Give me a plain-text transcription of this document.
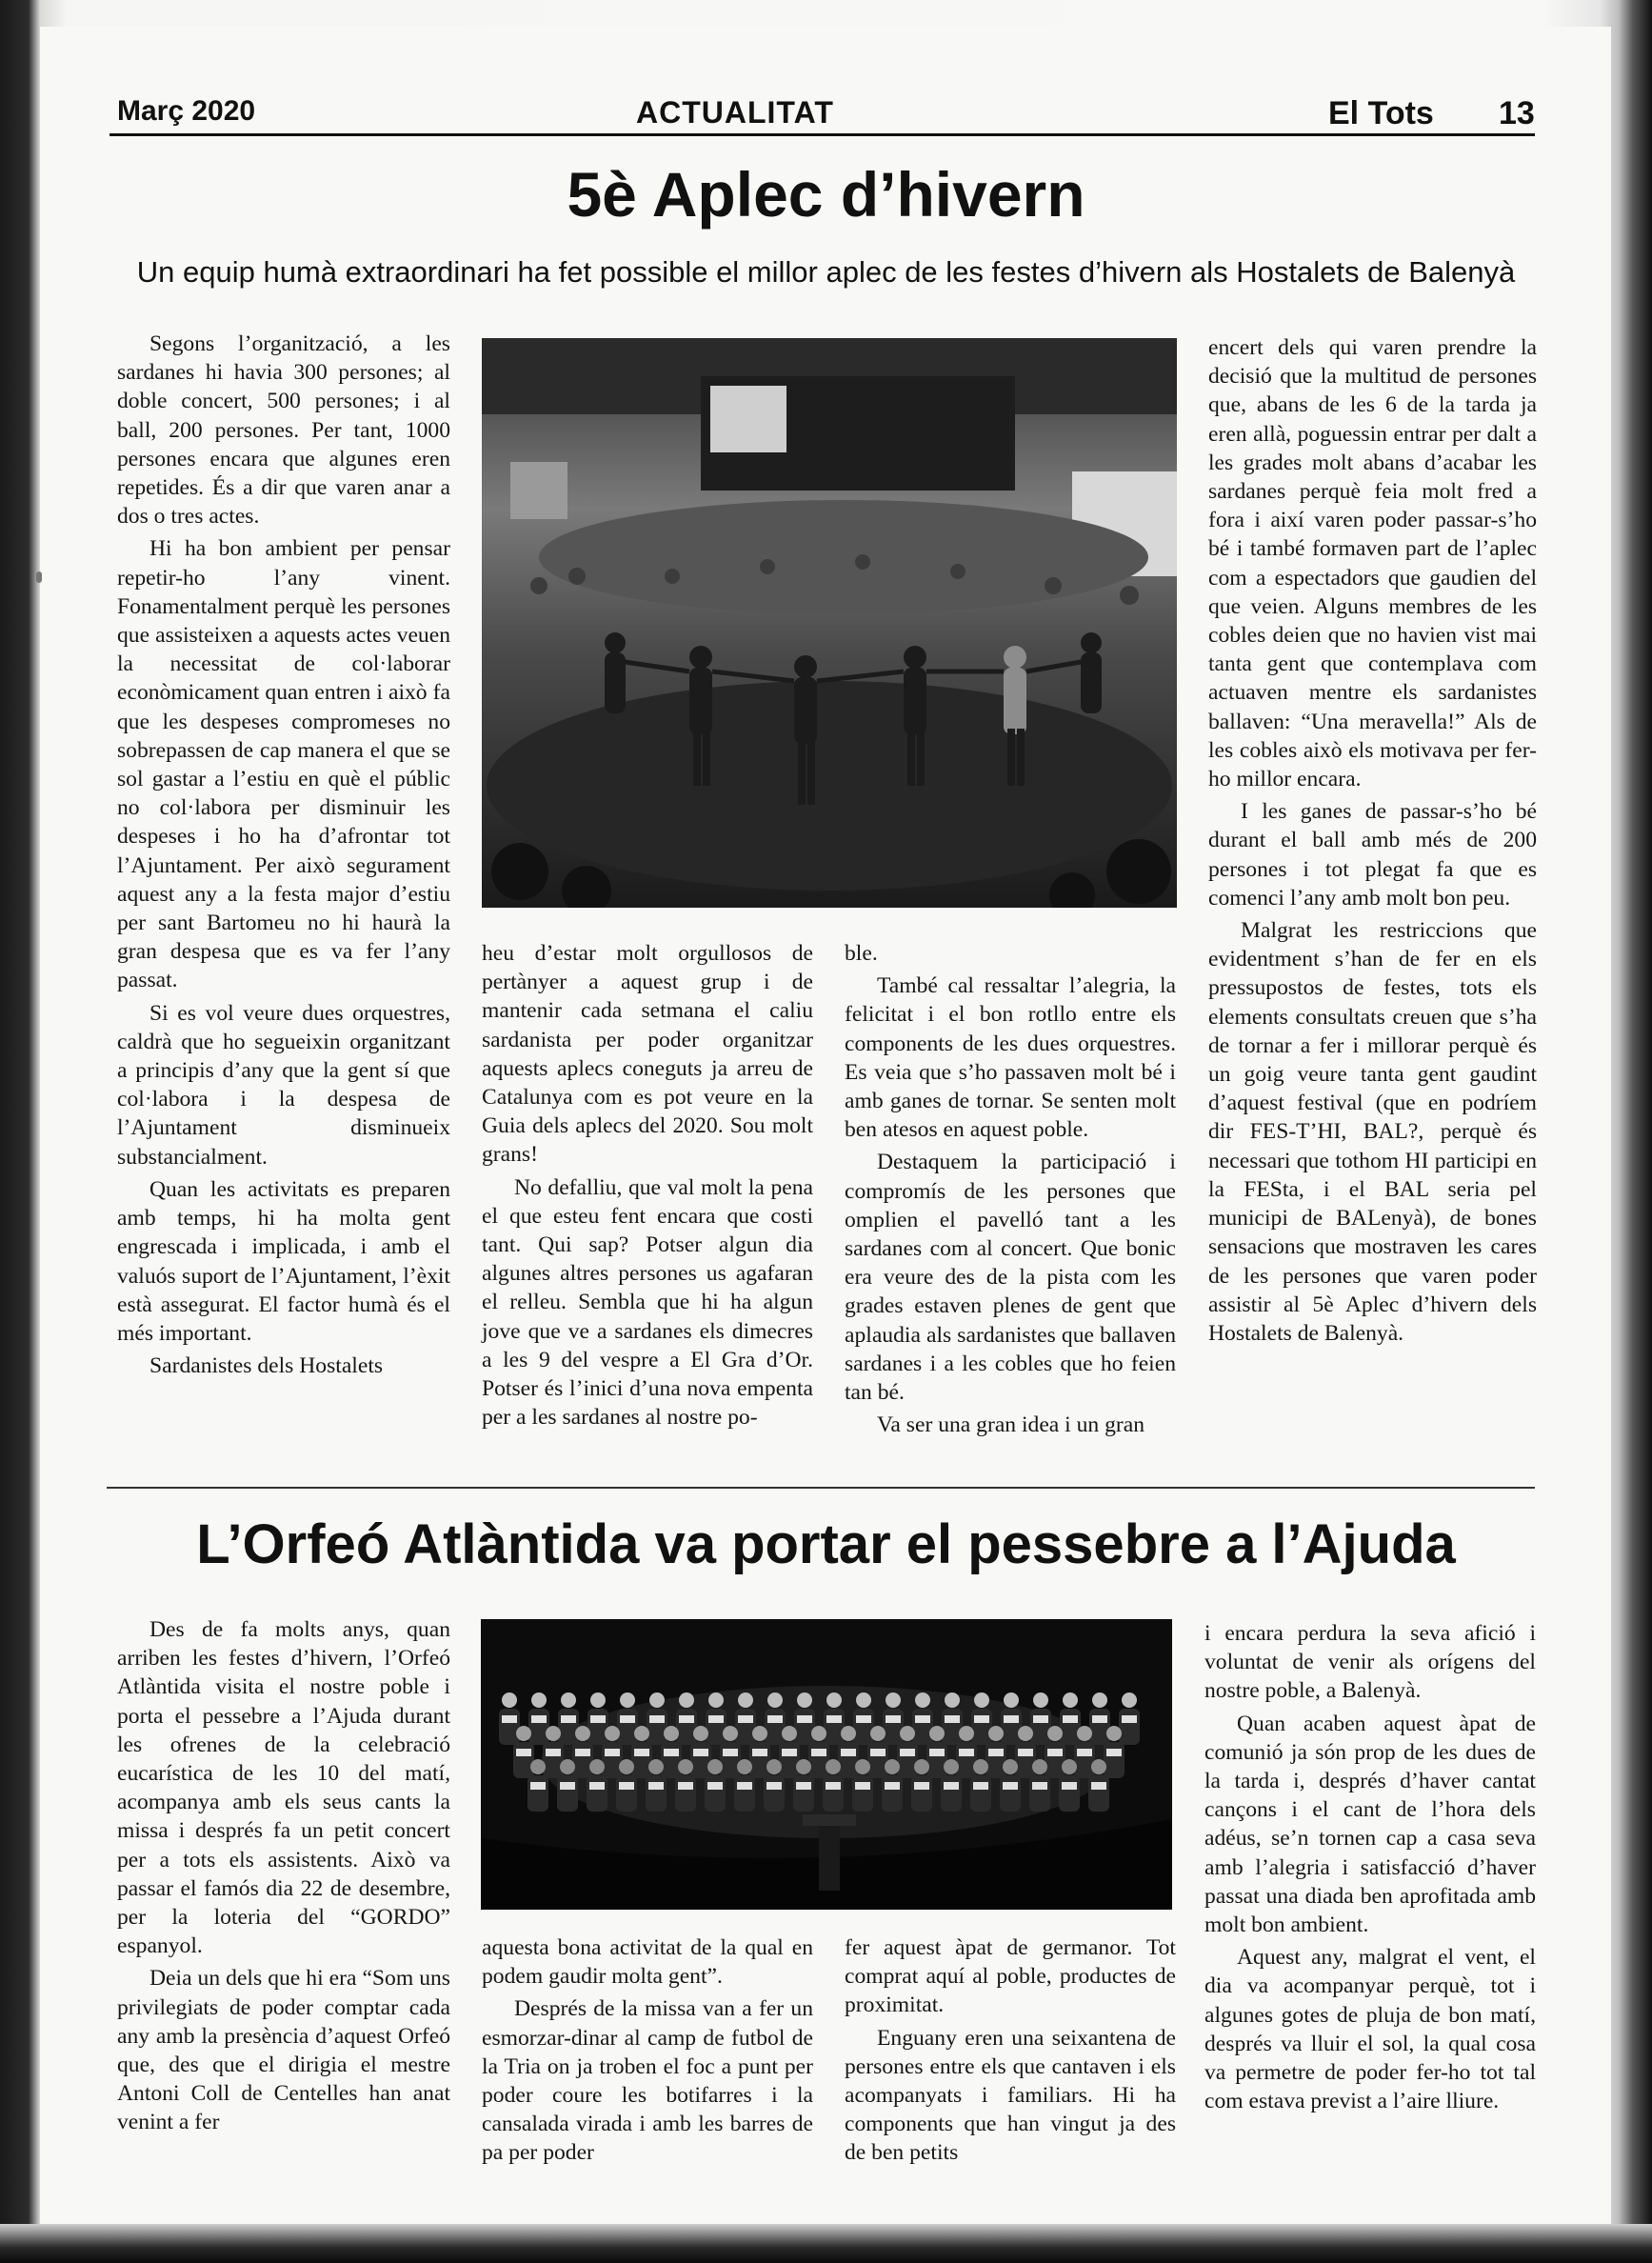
Març 2020	ACTUALITAT	El Tots 13
5è Aplec d’hivern
Un equip humà extraordinari ha fet possible el millor aplec de les festes d’hivern als Hostalets de Balenyà

Segons l’organització, a les sardanes hi havia 300 persones; al doble concert, 500 persones; i al ball, 200 persones. Per tant, 1000 persones encara que algunes eren repetides. És a dir que varen anar a dos o tres actes.

Hi ha bon ambient per pensar repetir-ho l’any vinent. Fonamentalment perquè les persones que assisteixen a aquests actes veuen la necessitat de col·laborar econòmicament quan entren i això fa que les despeses compromeses no sobrepassen de cap manera el que se sol gastar a l’estiu en què el públic no col·labora per disminuir les despeses i ho ha d’afrontar tot l’Ajuntament. Per això segurament aquest any a la festa major d’estiu per sant Bartomeu no hi haurà la gran despesa que es va fer l’any passat.

Si es vol veure dues orquestres, caldrà que ho segueixin organitzant a principis d’any que la gent sí que col·labora i la despesa de l’Ajuntament disminueix substancialment.

Quan les activitats es preparen amb temps, hi ha molta gent engrescada i implicada, i amb el valuós suport de l’Ajuntament, l’èxit està assegurat. El factor humà és el més important.

Sardanistes dels Hostalets

heu d’estar molt orgullosos de pertànyer a aquest grup i de mantenir cada setmana el caliu sardanista per poder organitzar aquests aplecs coneguts ja arreu de Catalunya com es pot veure en la Guia dels aplecs del 2020. Sou molt grans!

No defalliu, que val molt la pena el que esteu fent encara que costi tant. Qui sap? Potser algun dia algunes altres persones us agafaran el relleu. Sembla que hi ha algun jove que ve a sardanes els dimecres a les 9 del vespre a El Gra d’Or. Potser és l’inici d’una nova empenta per a les sardanes al nostre po-

ble.

També cal ressaltar l’alegria, la felicitat i el bon rotllo entre els components de les dues orquestres. Es veia que s’ho passaven molt bé i amb ganes de tornar. Se senten molt ben atesos en aquest poble.

Destaquem la participació i compromís de les persones que omplien el pavelló tant a les sardanes com al concert. Que bonic era veure des de la pista com les grades estaven plenes de gent que aplaudia als sardanistes que ballaven sardanes i a les cobles que ho feien tan bé.

Va ser una gran idea i un gran

encert dels qui varen prendre la decisió que la multitud de persones que, abans de les 6 de la tarda ja eren allà, poguessin entrar per dalt a les grades molt abans d’acabar les sardanes perquè feia molt fred a fora i així varen poder passar-s’ho bé i també formaven part de l’aplec com a espectadors que gaudien del que veien. Alguns membres de les cobles deien que no havien vist mai tanta gent que contemplava com actuaven mentre els sardanistes ballaven: “Una meravella!” Als de les cobles això els motivava per fer-ho millor encara.

I les ganes de passar-s’ho bé durant el ball amb més de 200 persones i tot plegat fa que es comenci l’any amb molt bon peu.

Malgrat les restriccions que evidentment s’han de fer en els pressupostos de festes, tots els elements consultats creuen que s’ha de tornar a fer i millorar perquè és un goig veure tanta gent gaudint d’aquest festival (que en podríem dir FES-T’HI, BAL?, perquè és necessari que tothom HI participi en la FESta, i el BAL seria pel municipi de BALenyà), de bones sensacions que mostraven les cares de les persones que varen poder assistir al 5è Aplec d’hivern dels Hostalets de Balenyà.

L’Orfeó Atlàntida va portar el pessebre a l’Ajuda

Des de fa molts anys, quan arriben les festes d’hivern, l’Orfeó Atlàntida visita el nostre poble i porta el pessebre a l’Ajuda durant les ofrenes de la celebració eucarística de les 10 del matí, acompanya amb els seus cants la missa i després fa un petit concert per a tots els assistents. Això va passar el famós dia 22 de desembre, per la loteria del “GORDO” espanyol.

Deia un dels que hi era “Som uns privilegiats de poder comptar cada any amb la presència d’aquest Orfeó que, des que el dirigia el mestre Antoni Coll de Centelles han anat venint a fer

aquesta bona activitat de la qual en podem gaudir molta gent”.

Després de la missa van a fer un esmorzar-dinar al camp de futbol de la Tria on ja troben el foc a punt per poder coure les botifarres i la cansalada virada i amb les barres de pa per poder

fer aquest àpat de germanor. Tot comprat aquí al poble, productes de proximitat.

Enguany eren una seixantena de persones entre els que cantaven i els acompanyats i familiars. Hi ha components que han vingut ja des de ben petits

i encara perdura la seva afició i voluntat de venir als orígens del nostre poble, a Balenyà.

Quan acaben aquest àpat de comunió ja són prop de les dues de la tarda i, després d’haver cantat cançons i el cant de l’hora dels adéus, se’n tornen cap a casa seva amb l’alegria i satisfacció d’haver passat una diada ben aprofitada amb molt bon ambient.

Aquest any, malgrat el vent, el dia va acompanyar perquè, tot i algunes gotes de pluja de bon matí, després va lluir el sol, la qual cosa va permetre de poder fer-ho tot tal com estava previst a l’aire lliure.
